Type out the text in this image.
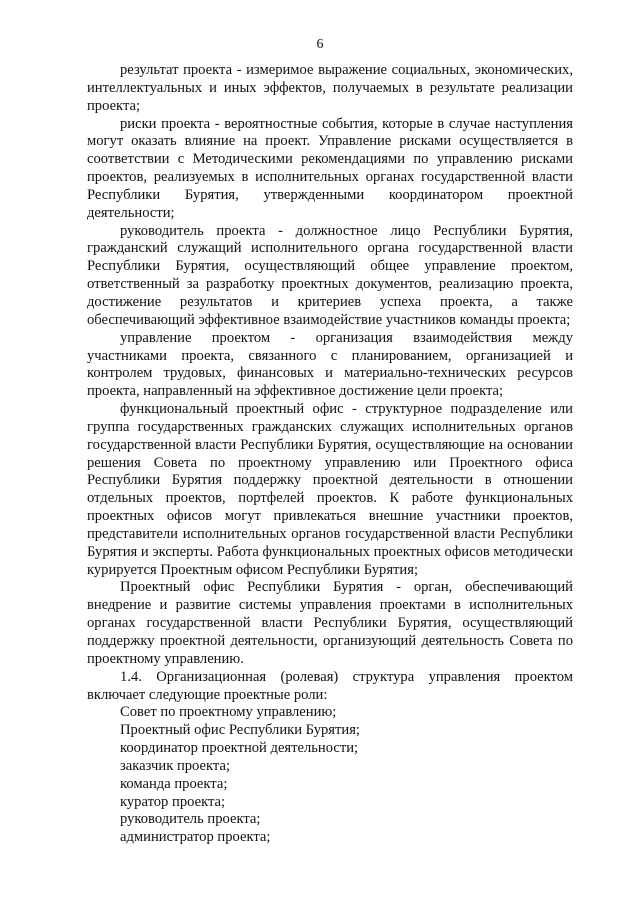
6

результат проекта - измеримое выражение социальных, экономических, интеллектуальных и иных эффектов, получаемых в результате реализации проекта;

риски проекта - вероятностные события, которые в случае наступления могут оказать влияние на проект. Управление рисками осуществляется в соответствии с Методическими рекомендациями по управлению рисками проектов, реализуемых в исполнительных органах государственной власти Республики Бурятия, утвержденными координатором проектной деятельности;

руководитель проекта - должностное лицо Республики Бурятия, гражданский служащий исполнительного органа государственной власти Республики Бурятия, осуществляющий общее управление проектом, ответственный за разработку проектных документов, реализацию проекта, достижение результатов и критериев успеха проекта, а также обеспечивающий эффективное взаимодействие участников команды проекта;

управление проектом - организация взаимодействия между участниками проекта, связанного с планированием, организацией и контролем трудовых, финансовых и материально-технических ресурсов проекта, направленный на эффективное достижение цели проекта;

функциональный проектный офис - структурное подразделение или группа государственных гражданских служащих исполнительных органов государственной власти Республики Бурятия, осуществляющие на основании решения Совета по проектному управлению или Проектного офиса Республики Бурятия поддержку проектной деятельности в отношении отдельных проектов, портфелей проектов. К работе функциональных проектных офисов могут привлекаться внешние участники проектов, представители исполнительных органов государственной власти Республики Бурятия и эксперты. Работа функциональных проектных офисов методически курируется Проектным офисом Республики Бурятия;

Проектный офис Республики Бурятия - орган, обеспечивающий внедрение и развитие системы управления проектами в исполнительных органах государственной власти Республики Бурятия, осуществляющий поддержку проектной деятельности, организующий деятельность Совета по проектному управлению.

1.4. Организационная (ролевая) структура управления проектом включает следующие проектные роли:

Совет по проектному управлению;
Проектный офис Республики Бурятия;
координатор проектной деятельности;
заказчик проекта;
команда проекта;
куратор проекта;
руководитель проекта;
администратор проекта;
